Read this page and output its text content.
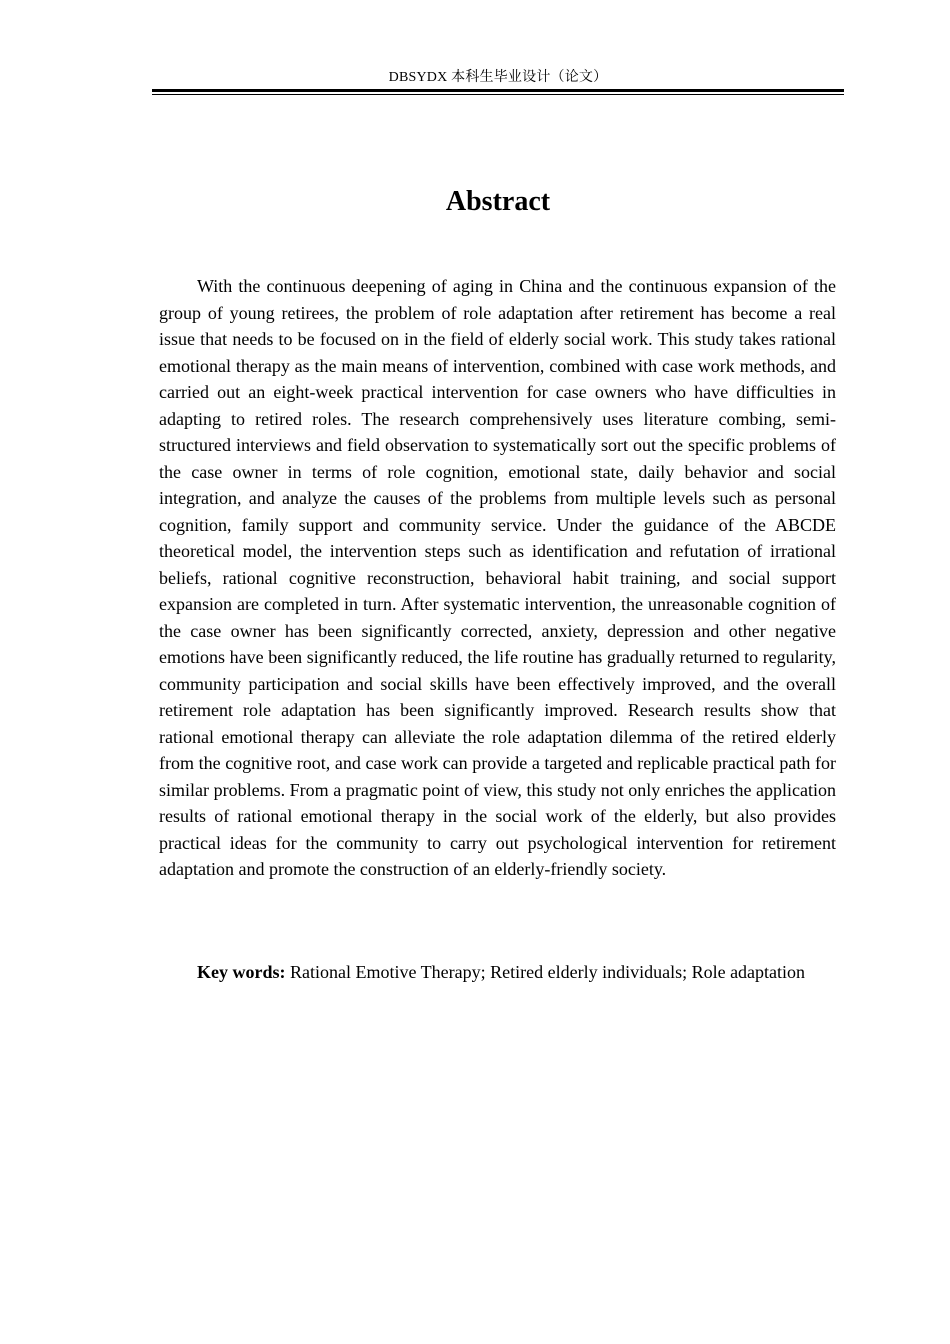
DBSYDX 本科生毕业设计（论文）
Abstract

With the continuous deepening of aging in China and the continuous expansion of the group of young retirees, the problem of role adaptation after retirement has become a real issue that needs to be focused on in the field of elderly social work. This study takes rational emotional therapy as the main means of intervention, combined with case work methods, and carried out an eight-week practical intervention for case owners who have difficulties in adapting to retired roles. The research comprehensively uses literature combing, semi-structured interviews and field observation to systematically sort out the specific problems of the case owner in terms of role cognition, emotional state, daily behavior and social integration, and analyze the causes of the problems from multiple levels such as personal cognition, family support and community service. Under the guidance of the ABCDE theoretical model, the intervention steps such as identification and refutation of irrational beliefs, rational cognitive reconstruction, behavioral habit training, and social support expansion are completed in turn. After systematic intervention, the unreasonable cognition of the case owner has been significantly corrected, anxiety, depression and other negative emotions have been significantly reduced, the life routine has gradually returned to regularity, community participation and social skills have been effectively improved, and the overall retirement role adaptation has been significantly improved. Research results show that rational emotional therapy can alleviate the role adaptation dilemma of the retired elderly from the cognitive root, and case work can provide a targeted and replicable practical path for similar problems. From a pragmatic point of view, this study not only enriches the application results of rational emotional therapy in the social work of the elderly, but also provides practical ideas for the community to carry out psychological intervention for retirement adaptation and promote the construction of an elderly-friendly society.

Key words: Rational Emotive Therapy; Retired elderly individuals; Role adaptation
